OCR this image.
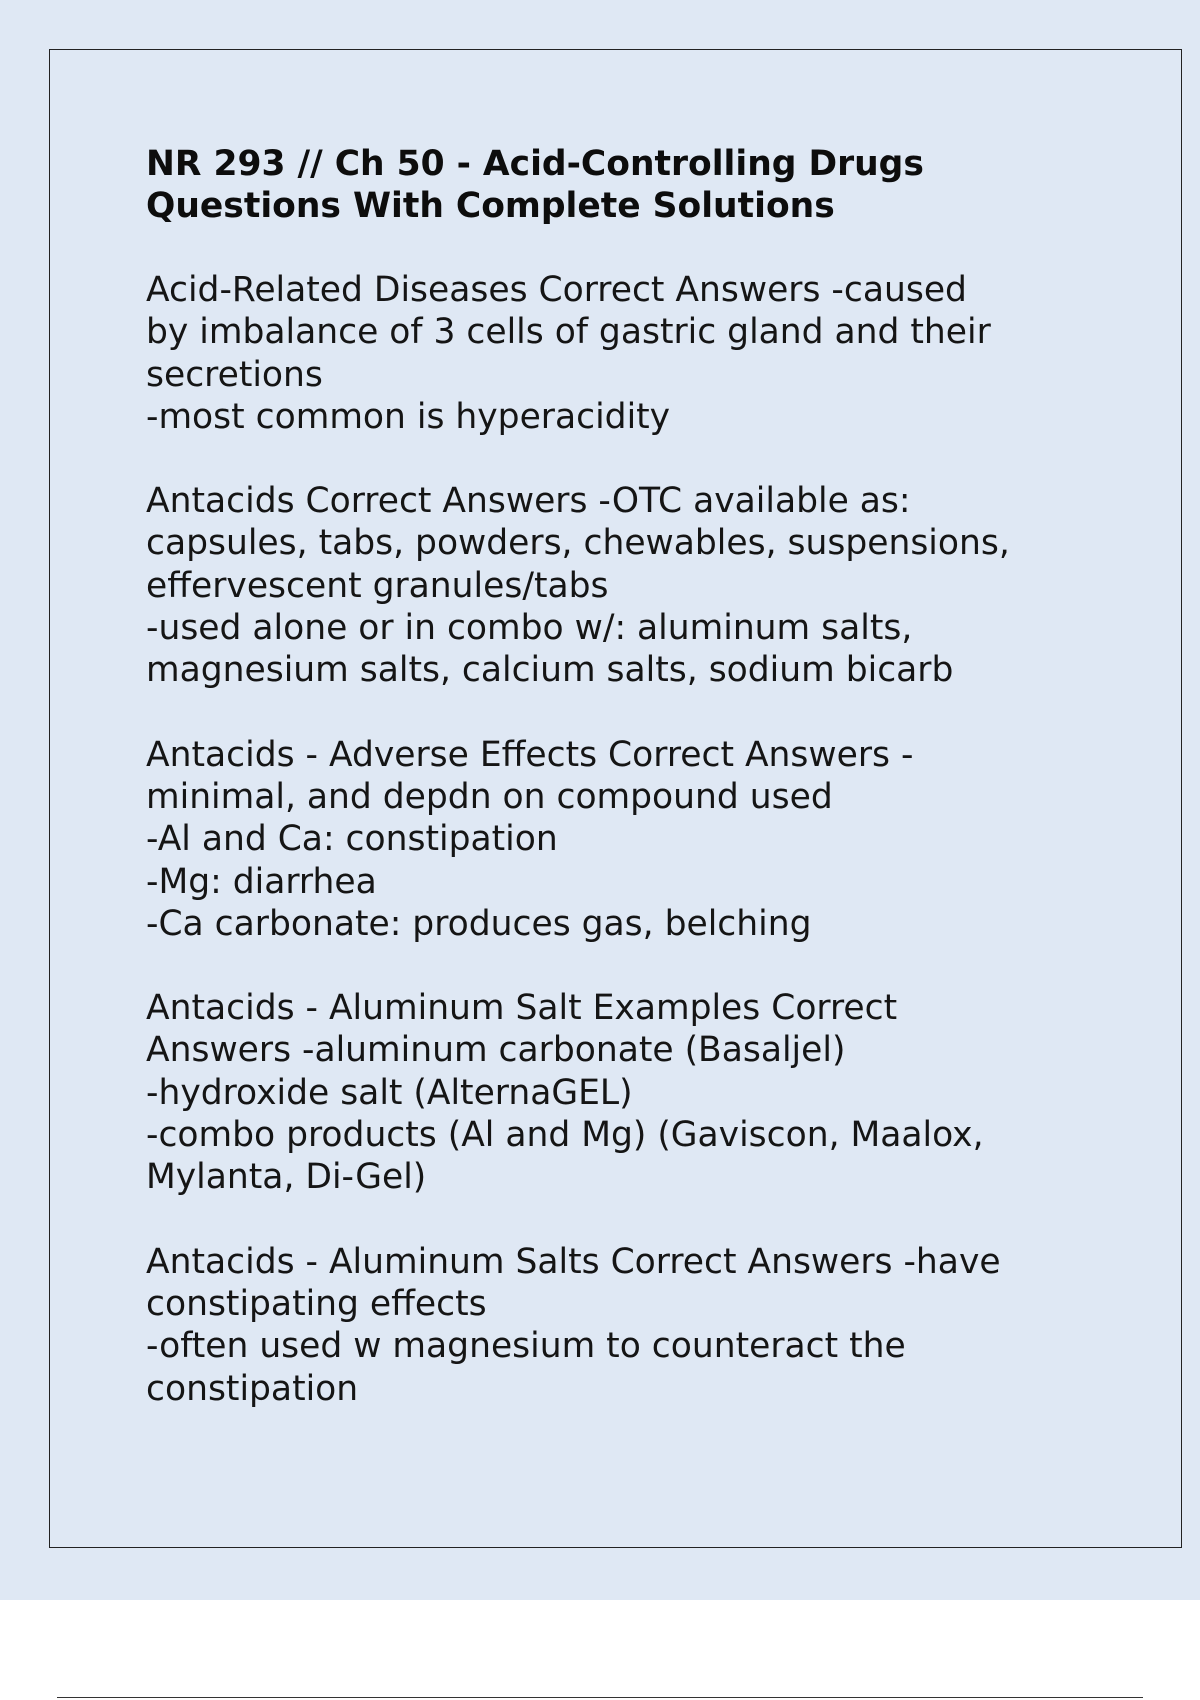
NR 293 // Ch 50 - Acid-Controlling Drugs
Questions With Complete Solutions
Acid-Related Diseases Correct Answers -caused
by imbalance of 3 cells of gastric gland and their
secretions
-most common is hyperacidity
Antacids Correct Answers -OTC available as:
capsules, tabs, powders, chewables, suspensions,
effervescent granules/tabs
-used alone or in combo w/: aluminum salts,
magnesium salts, calcium salts, sodium bicarb
Antacids - Adverse Effects Correct Answers -
minimal, and depdn on compound used
-Al and Ca: constipation
-Mg: diarrhea
-Ca carbonate: produces gas, belching
Antacids - Aluminum Salt Examples Correct
Answers -aluminum carbonate (Basaljel)
-hydroxide salt (AlternaGEL)
-combo products (Al and Mg) (Gaviscon, Maalox,
Mylanta, Di-Gel)
Antacids - Aluminum Salts Correct Answers -have
constipating effects
-often used w magnesium to counteract the
constipation
